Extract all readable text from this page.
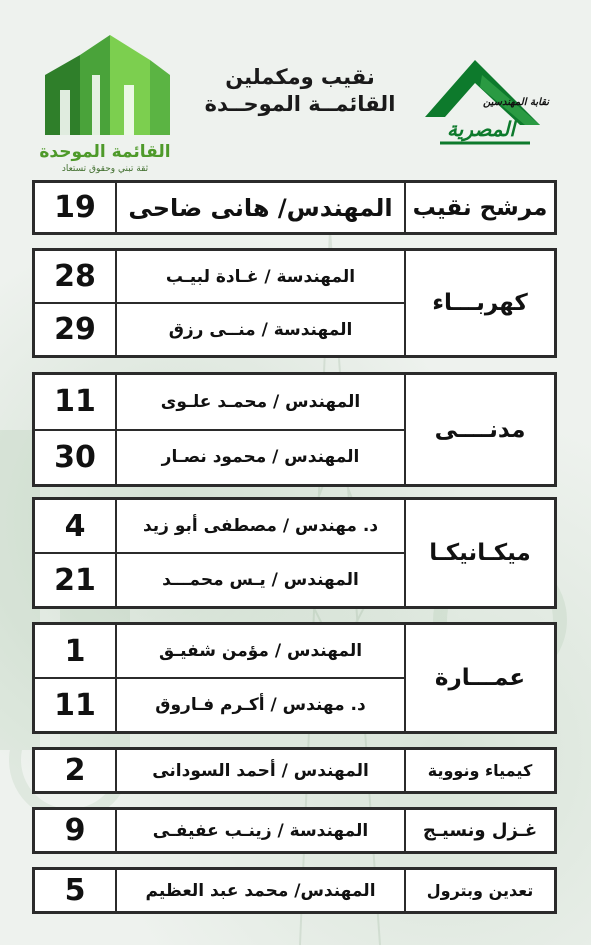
القائمة الموحدة
ثقة تبني وحقوق تستعاد
نقيب ومكملين
القائمــة الموحــدة	نقابة المهندسين
المصرية
مرشح نقيب
المهندس/ هانى ضاحى
19
كهربـــاء
المهندسة / غـادة لبيـب
28
المهندسة / منــى رزق
29
مدنــــى
المهندس / محمـد علـوى
11
المهندس / محمود نصـار
30
ميكـانيكـا
د. مهندس / مصطفى أبو زيد
4
المهندس / يـس محمـــد
21
عمـــارة
المهندس / مؤمن شفيـق
1
د. مهندس / أكـرم فـاروق
11
كيمياء ونووية
المهندس / أحمد السودانى
2
غـزل ونسيـج
المهندسة / زينـب عفيفـى
9
تعدين وبترول
المهندس/ محمد عبد العظيم
5
